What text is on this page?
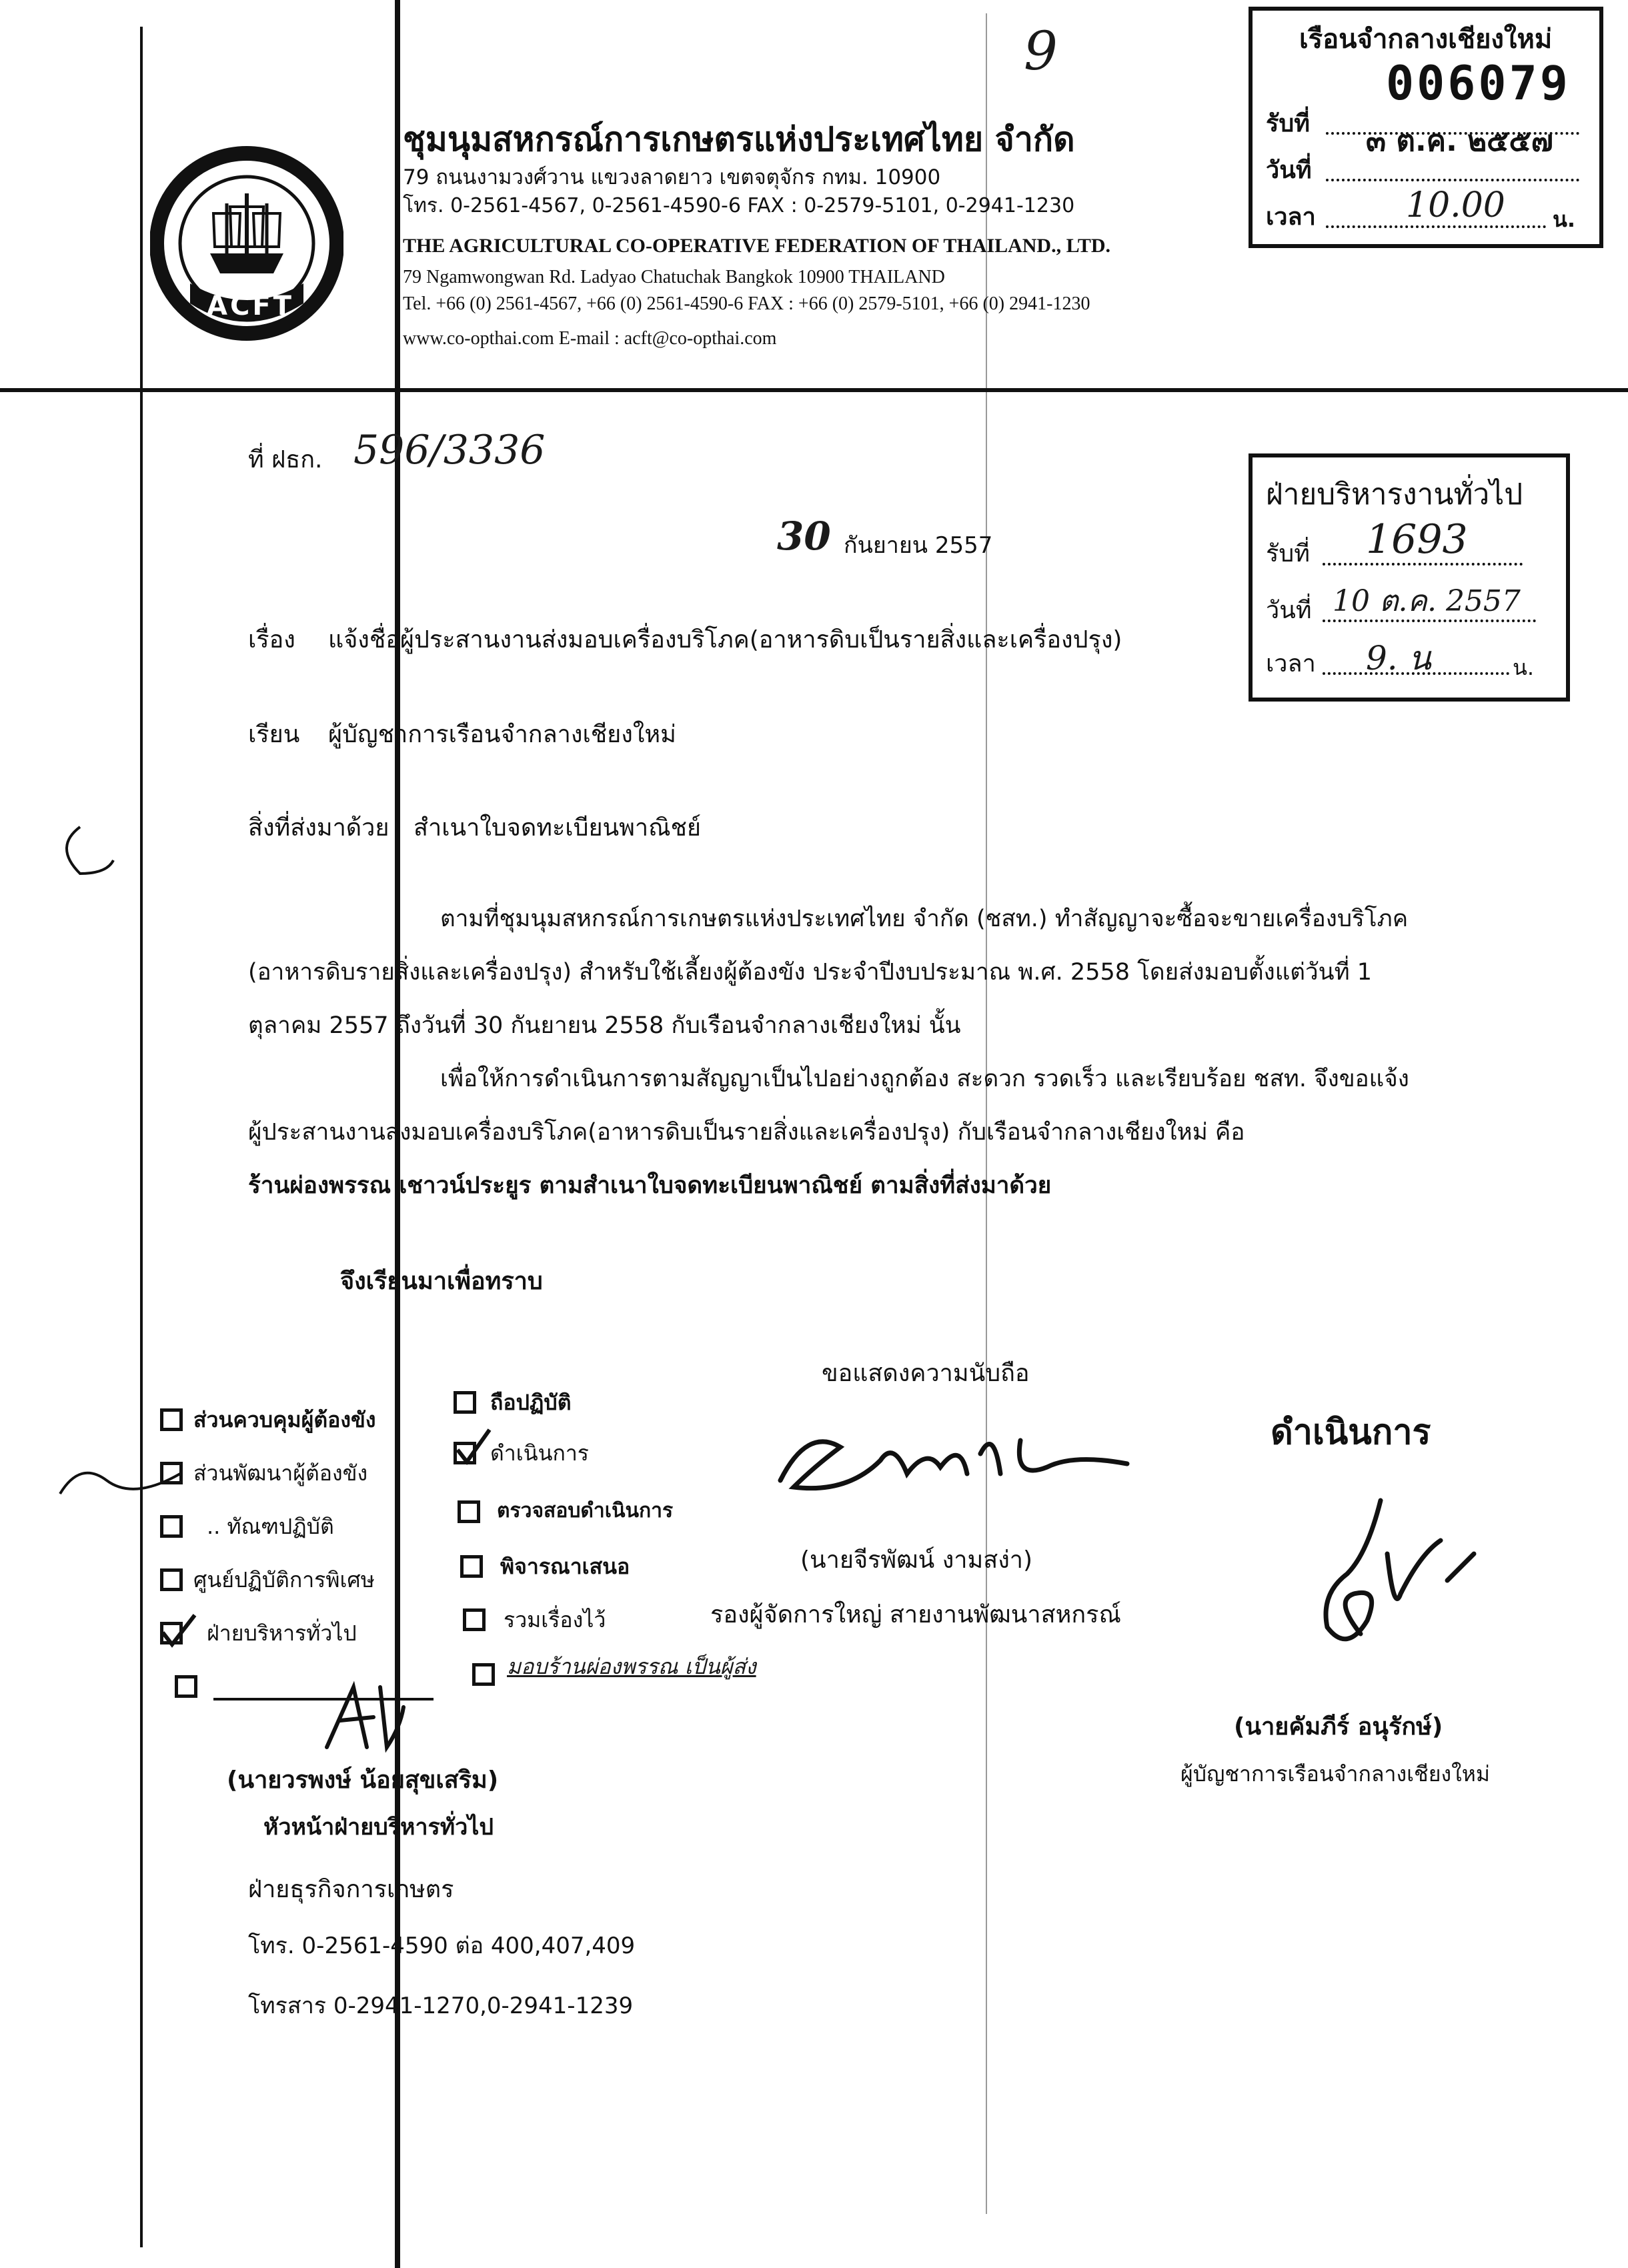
9
ACFT
ชุมนุมสหกรณ์การเกษตรแห่งประเทศไทย จำกัด
79 ถนนงามวงศ์วาน แขวงลาดยาว เขตจตุจักร กทม. 10900
โทร. 0-2561-4567, 0-2561-4590-6 FAX : 0-2579-5101, 0-2941-1230
THE AGRICULTURAL CO-OPERATIVE FEDERATION OF THAILAND., LTD.
79 Ngamwongwan Rd. Ladyao Chatuchak Bangkok 10900 THAILAND
Tel. +66 (0) 2561-4567, +66 (0) 2561-4590-6 FAX : +66 (0) 2579-5101, +66 (0) 2941-1230
www.co-opthai.com E-mail : acft@co-opthai.com
เรือนจำกลางเชียงใหม่
006079
รับที่
วันที่
๓ ต.ค. ๒๕๕๗
เวลา	10.00 น.
ฝ่ายบริหารงานทั่วไป
รับที่ 1693
วันที่ 10 ต.ค. 2557
เวลา 9. น	น.
ที่ ฝธก. 596/3336
30 กันยายน 2557
เรื่อง แจ้งชื่อผู้ประสานงานส่งมอบเครื่องบริโภค(อาหารดิบเป็นรายสิ่งและเครื่องปรุง)
เรียน ผู้บัญชาการเรือนจำกลางเชียงใหม่
สิ่งที่ส่งมาด้วย สำเนาใบจดทะเบียนพาณิชย์
ตามที่ชุมนุมสหกรณ์การเกษตรแห่งประเทศไทย จำกัด (ชสท.) ทำสัญญาจะซื้อจะขายเครื่องบริโภค
(อาหารดิบรายสิ่งและเครื่องปรุง) สำหรับใช้เลี้ยงผู้ต้องขัง ประจำปีงบประมาณ พ.ศ. 2558 โดยส่งมอบตั้งแต่วันที่ 1
ตุลาคม 2557 ถึงวันที่ 30 กันยายน 2558 กับเรือนจำกลางเชียงใหม่ นั้น
เพื่อให้การดำเนินการตามสัญญาเป็นไปอย่างถูกต้อง สะดวก รวดเร็ว และเรียบร้อย ชสท. จึงขอแจ้ง
ผู้ประสานงานส่งมอบเครื่องบริโภค(อาหารดิบเป็นรายสิ่งและเครื่องปรุง) กับเรือนจำกลางเชียงใหม่ คือ
ร้านผ่องพรรณ เชาวน์ประยูร ตามสำเนาใบจดทะเบียนพาณิชย์ ตามสิ่งที่ส่งมาด้วย
จึงเรียนมาเพื่อทราบ
ขอแสดงความนับถือ
(นายจีรพัฒน์ งามสง่า)
รองผู้จัดการใหญ่ สายงานพัฒนาสหกรณ์
ส่วนควบคุมผู้ต้องขัง
ส่วนพัฒนาผู้ต้องขัง
.. ทัณฑปฏิบัติ
ศูนย์ปฏิบัติการพิเศษ
ฝ่ายบริหารทั่วไป
ถือปฏิบัติ
ดำเนินการ
ตรวจสอบดำเนินการ
พิจารณาเสนอ
รวมเรื่องไว้
มอบร้านผ่องพรรณ เป็นผู้ส่ง
(นายวรพงษ์ น้อยสุขเสริม)
หัวหน้าฝ่ายบริหารทั่วไป
ดำเนินการ
(นายคัมภีร์ อนุรักษ์)
ผู้บัญชาการเรือนจำกลางเชียงใหม่
ฝ่ายธุรกิจการเกษตร
โทร. 0-2561-4590 ต่อ 400,407,409
โทรสาร 0-2941-1270,0-2941-1239
